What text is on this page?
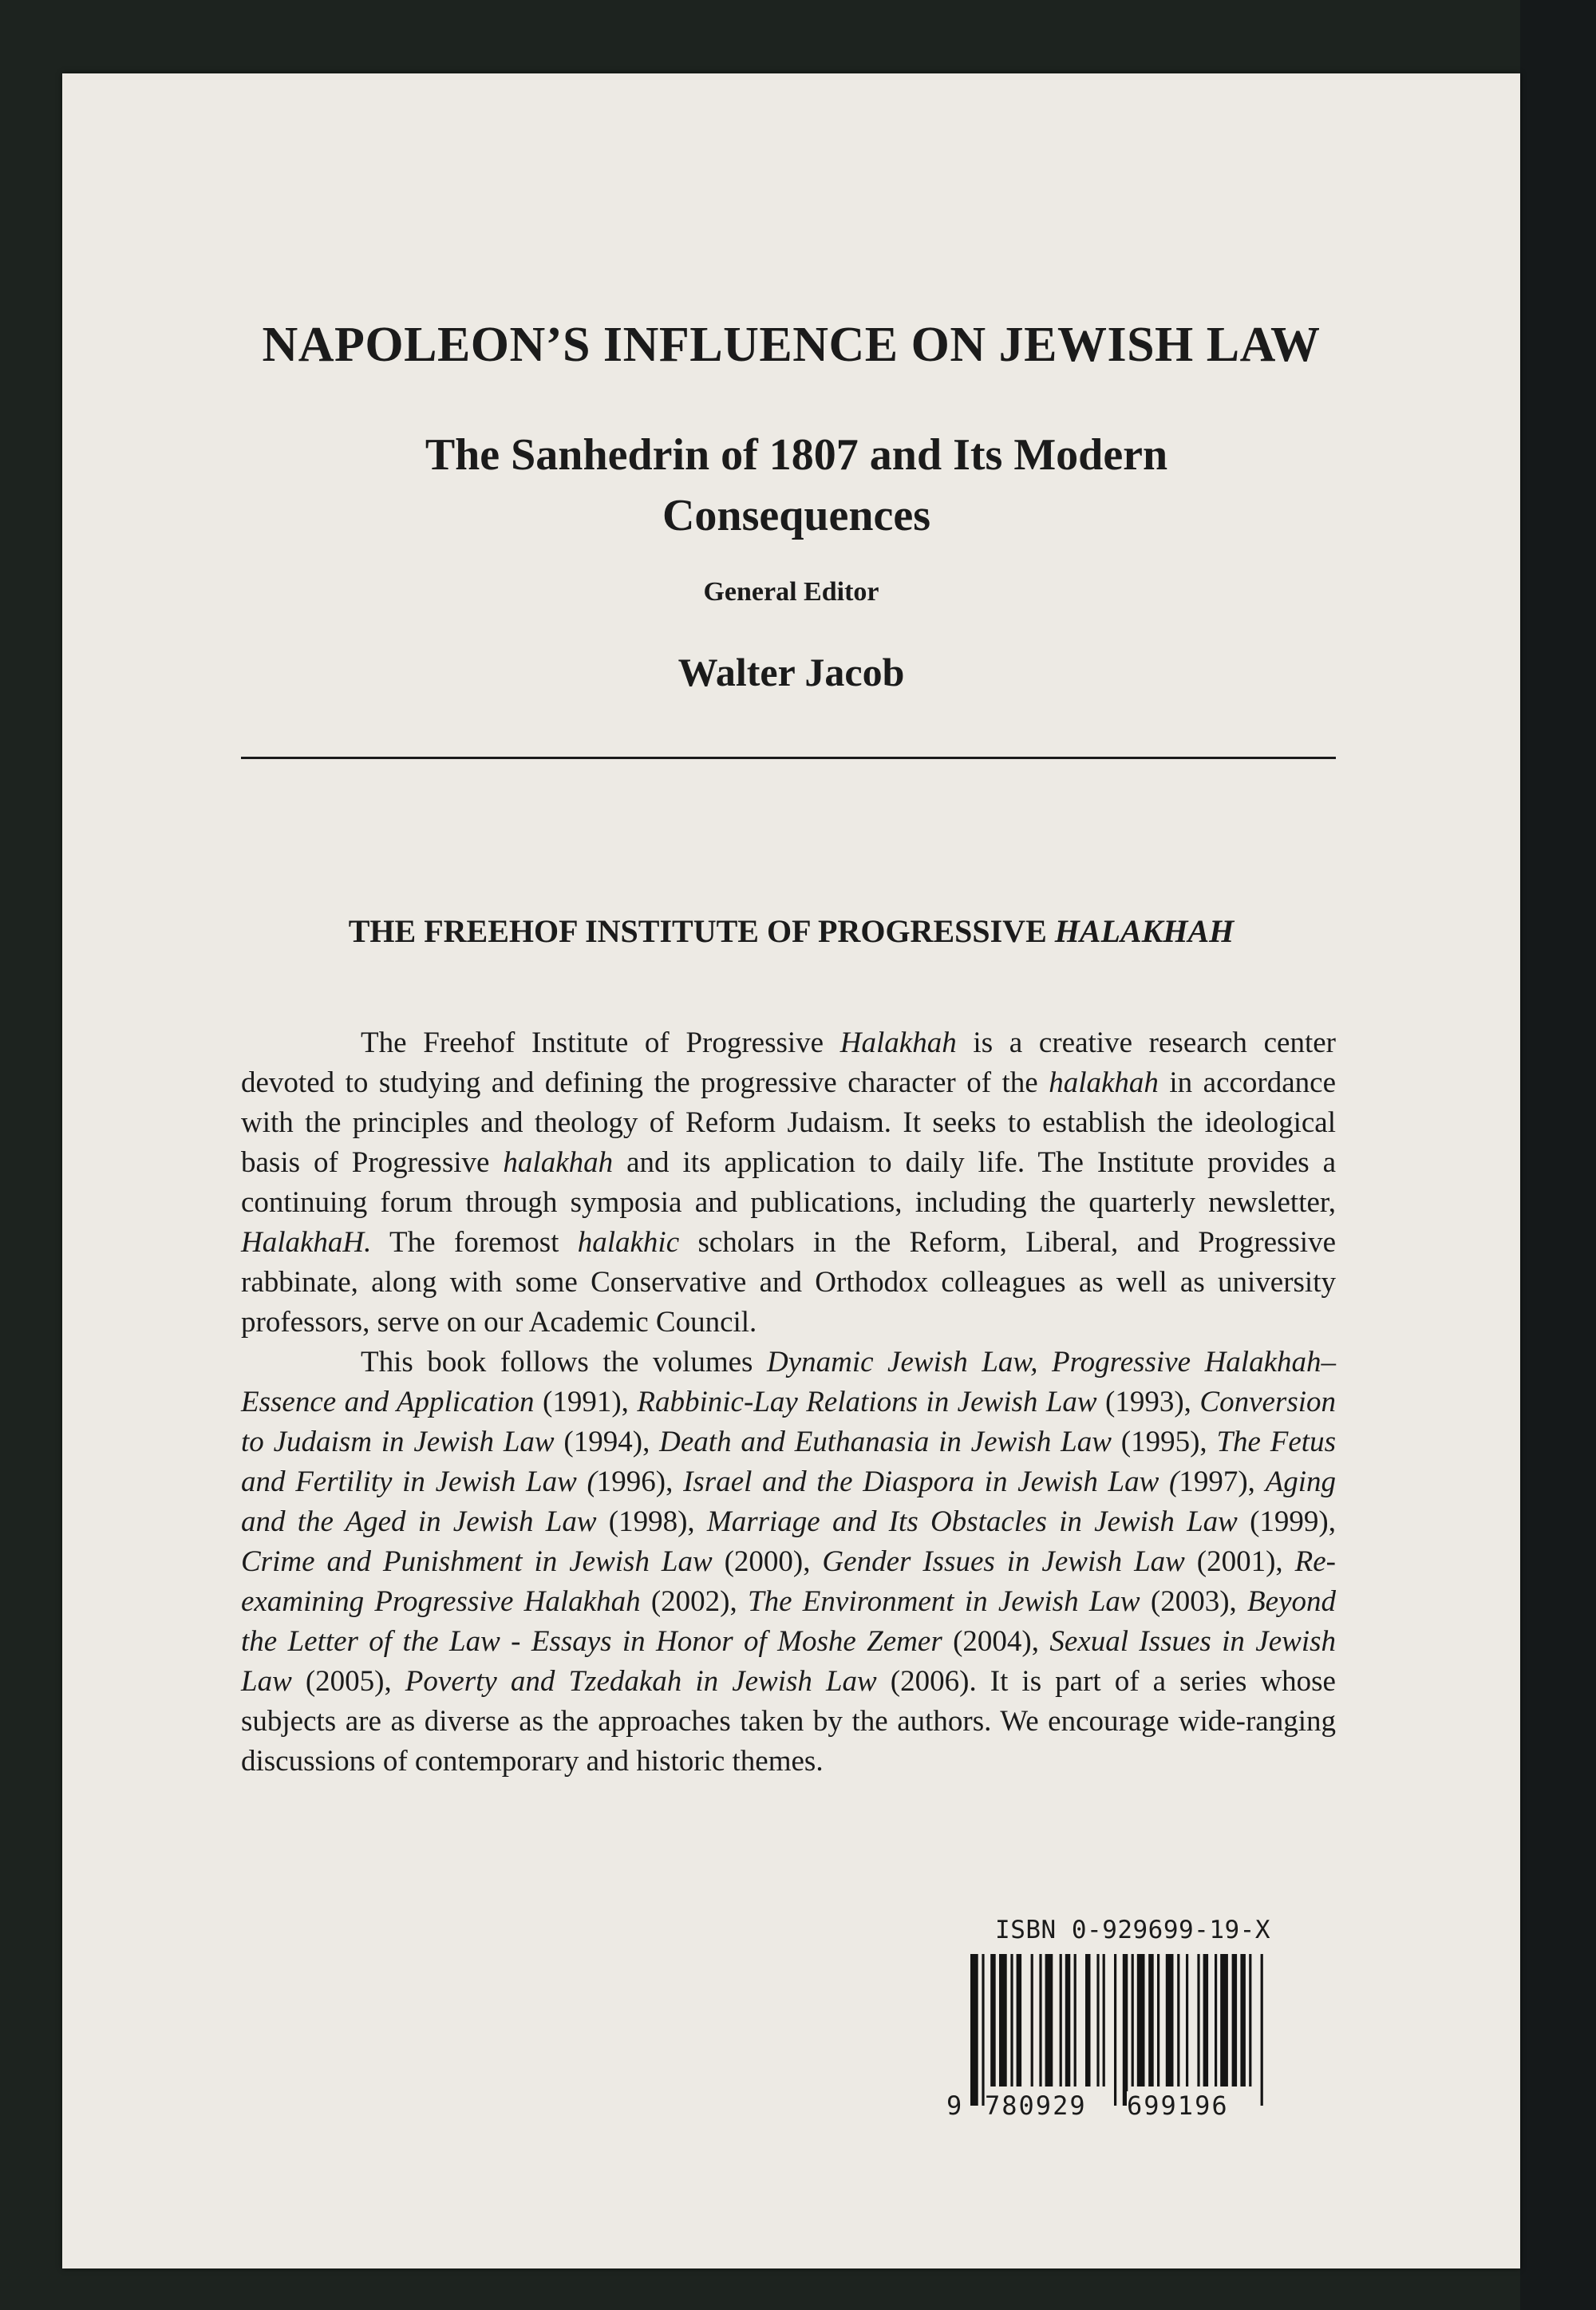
NAPOLEON’S INFLUENCE ON JEWISH LAW
The Sanhedrin of 1807 and Its Modern Consequences
General Editor
Walter Jacob
THE FREEHOF INSTITUTE OF PROGRESSIVE HALAKHAH

The Freehof Institute of Progressive Halakhah is a creative research center devoted to studying and defining the progressive character of the halakhah in accordance with the principles and theology of Reform Judaism. It seeks to establish the ideological basis of Progressive halakhah and its application to daily life. The Institute provides a continuing forum through symposia and publications, including the quarterly newsletter, HalakhaH. The foremost halakhic scholars in the Reform, Liberal, and Progressive rabbinate, along with some Conservative and Orthodox colleagues as well as university professors, serve on our Academic Council.

This book follows the volumes Dynamic Jewish Law, Progressive Halakhah–Essence and Application (1991), Rabbinic-Lay Relations in Jewish Law (1993), Conversion to Judaism in Jewish Law (1994), Death and Euthanasia in Jewish Law (1995), The Fetus and Fertility in Jewish Law (1996), Israel and the Diaspora in Jewish Law (1997), Aging and the Aged in Jewish Law (1998), Marriage and Its Obstacles in Jewish Law (1999), Crime and Punishment in Jewish Law (2000), Gender Issues in Jewish Law (2001), Re-examining Progressive Halakhah (2002), The Environment in Jewish Law (2003), Beyond the Letter of the Law - Essays in Honor of Moshe Zemer (2004), Sexual Issues in Jewish Law (2005), Poverty and Tzedakah in Jewish Law (2006). It is part of a series whose subjects are as diverse as the approaches taken by the authors. We encourage wide-ranging discussions of contemporary and historic themes.

ISBN 0-929699-19-X
9 780929 699196
